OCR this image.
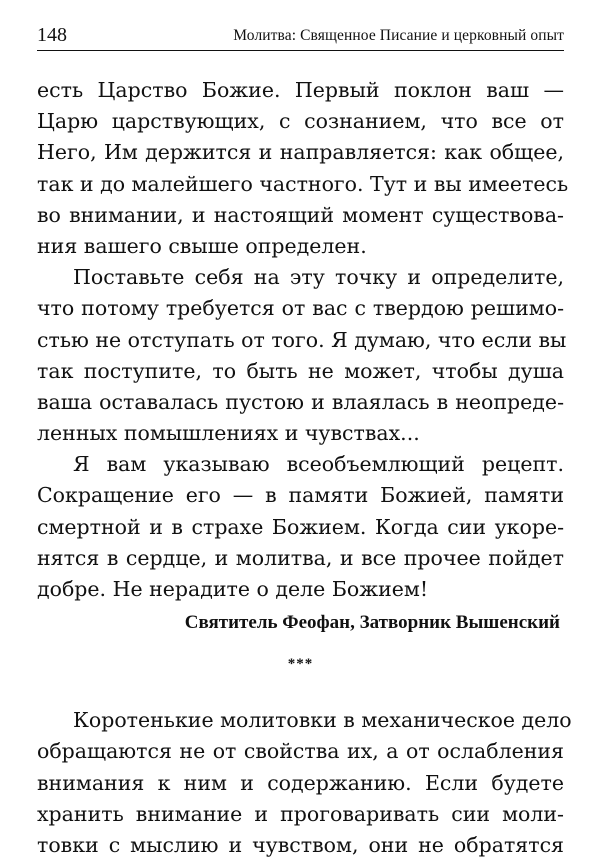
148	Молитва: Священное Писание и церковный опыт
есть Царство Божие. Первый поклон ваш —
Царю царствующих, с сознанием, что все от
Него, Им держится и направляется: как общее,
так и до малейшего частного. Тут и вы имеетесь
во внимании, и настоящий момент существова-
ния вашего свыше определен.
Поставьте себя на эту точку и определите,
что потому требуется от вас с твердою решимо-
стью не отступать от того. Я думаю, что если вы
так поступите, то быть не может, чтобы душа
ваша оставалась пустою и влаялась в неопреде-
ленных помышлениях и чувствах...
Я вам указываю всеобъемлющий рецепт.
Сокращение его — в памяти Божией, памяти
смертной и в страхе Божием. Когда сии укоре-
нятся в сердце, и молитва, и все прочее пойдет
добре. Не нерадите о деле Божием!
Святитель Феофан, Затворник Вышенский
***
Коротенькие молитовки в механическое дело
обращаются не от свойства их, а от ослабления
внимания к ним и содержанию. Если будете
хранить внимание и проговаривать сии моли-
товки с мыслию и чувством, они не обратятся
